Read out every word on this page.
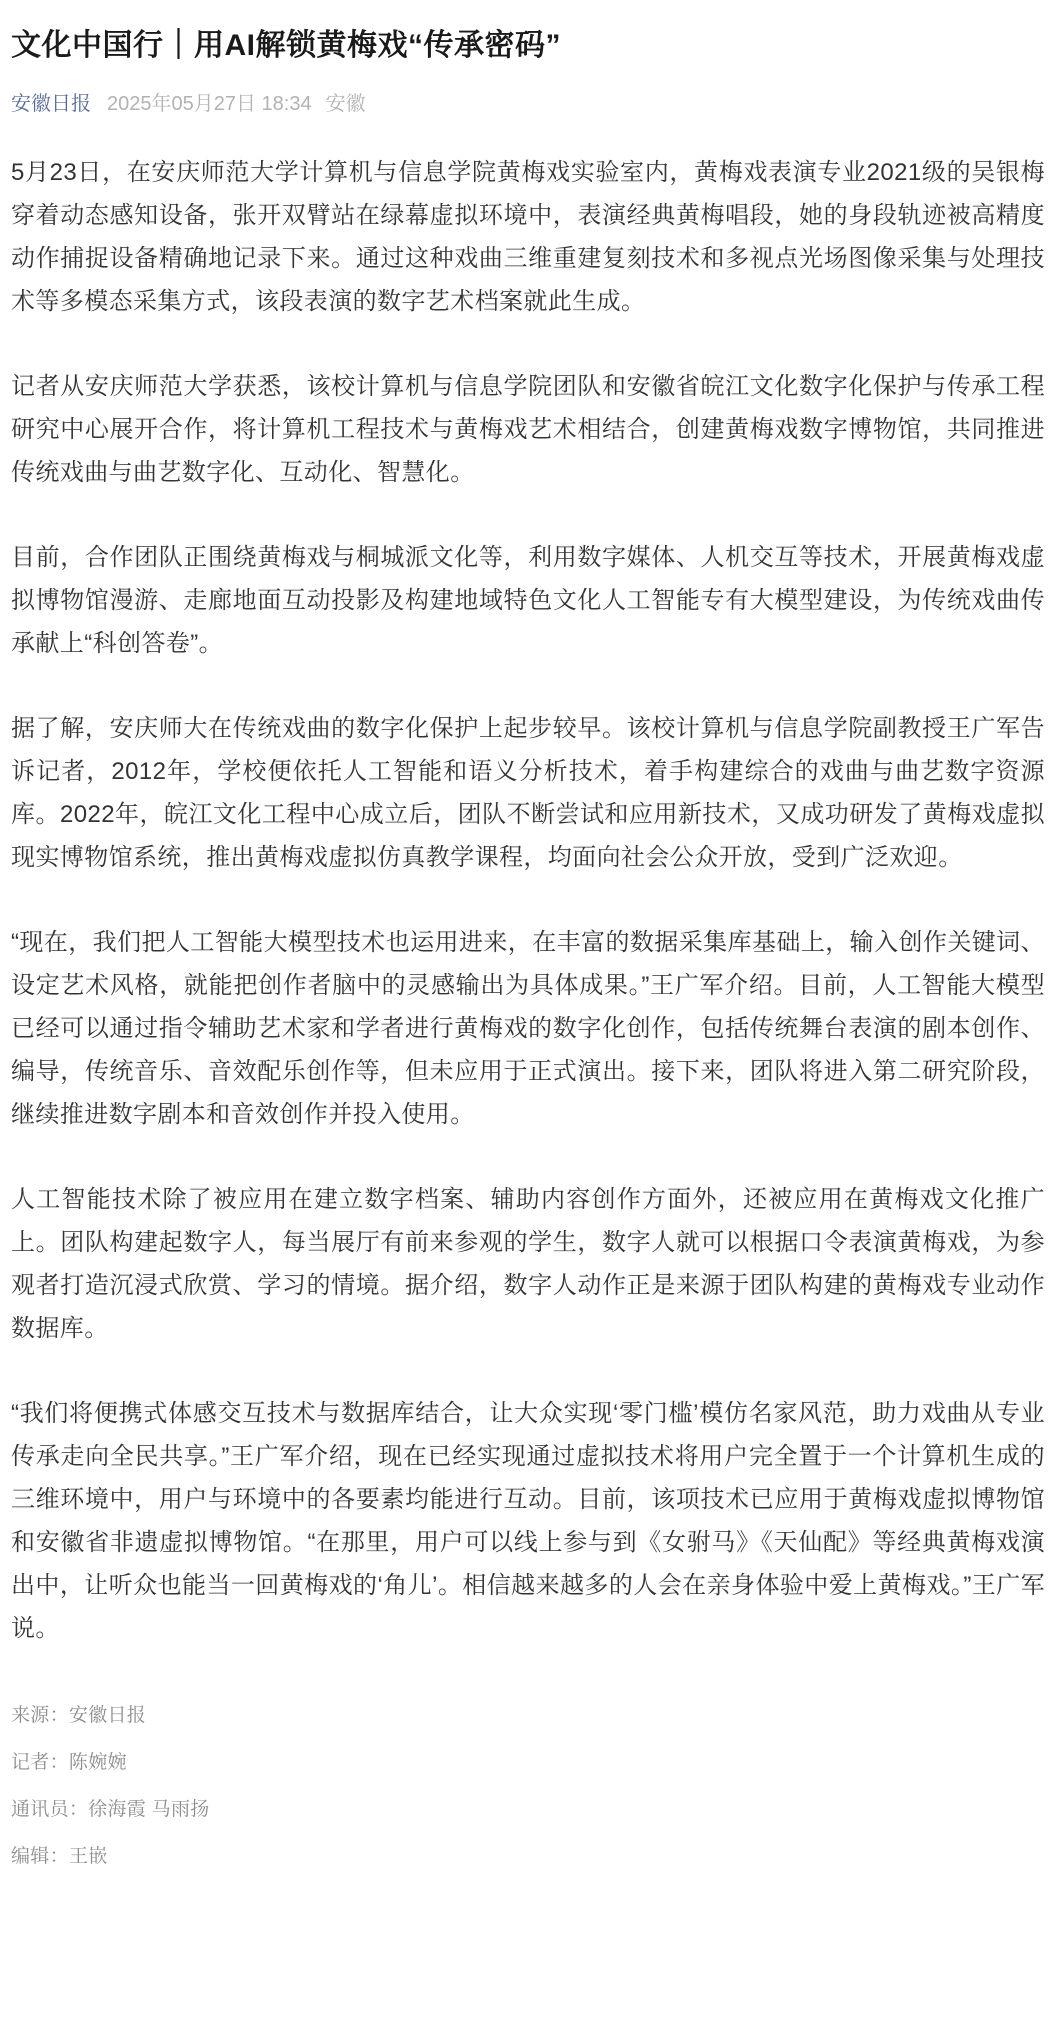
文化中国行｜用AI解锁黄梅戏“传承密码”
安徽日报 2025年05月27日 18:34 安徽

5月23日，在安庆师范大学计算机与信息学院黄梅戏实验室内，黄梅戏表演专业2021级的吴银梅穿着动态感知设备，张开双臂站在绿幕虚拟环境中，表演经典黄梅唱段，她的身段轨迹被高精度动作捕捉设备精确地记录下来。通过这种戏曲三维重建复刻技术和多视点光场图像采集与处理技术等多模态采集方式，该段表演的数字艺术档案就此生成。

记者从安庆师范大学获悉，该校计算机与信息学院团队和安徽省皖江文化数字化保护与传承工程研究中心展开合作，将计算机工程技术与黄梅戏艺术相结合，创建黄梅戏数字博物馆，共同推进传统戏曲与曲艺数字化、互动化、智慧化。

目前，合作团队正围绕黄梅戏与桐城派文化等，利用数字媒体、人机交互等技术，开展黄梅戏虚拟博物馆漫游、走廊地面互动投影及构建地域特色文化人工智能专有大模型建设，为传统戏曲传承献上“科创答卷”。

据了解，安庆师大在传统戏曲的数字化保护上起步较早。该校计算机与信息学院副教授王广军告诉记者，2012年，学校便依托人工智能和语义分析技术，着手构建综合的戏曲与曲艺数字资源库。2022年，皖江文化工程中心成立后，团队不断尝试和应用新技术，又成功研发了黄梅戏虚拟现实博物馆系统，推出黄梅戏虚拟仿真教学课程，均面向社会公众开放，受到广泛欢迎。

“现在，我们把人工智能大模型技术也运用进来，在丰富的数据采集库基础上，输入创作关键词、设定艺术风格，就能把创作者脑中的灵感输出为具体成果。”王广军介绍。目前，人工智能大模型已经可以通过指令辅助艺术家和学者进行黄梅戏的数字化创作，包括传统舞台表演的剧本创作、编导，传统音乐、音效配乐创作等，但未应用于正式演出。接下来，团队将进入第二研究阶段，继续推进数字剧本和音效创作并投入使用。

人工智能技术除了被应用在建立数字档案、辅助内容创作方面外，还被应用在黄梅戏文化推广上。团队构建起数字人，每当展厅有前来参观的学生，数字人就可以根据口令表演黄梅戏，为参观者打造沉浸式欣赏、学习的情境。据介绍，数字人动作正是来源于团队构建的黄梅戏专业动作数据库。

“我们将便携式体感交互技术与数据库结合，让大众实现‘零门槛’模仿名家风范，助力戏曲从专业传承走向全民共享。”王广军介绍，现在已经实现通过虚拟技术将用户完全置于一个计算机生成的三维环境中，用户与环境中的各要素均能进行互动。目前，该项技术已应用于黄梅戏虚拟博物馆和安徽省非遗虚拟博物馆。“在那里，用户可以线上参与到《女驸马》《天仙配》等经典黄梅戏演出中，让听众也能当一回黄梅戏的‘角儿’。相信越来越多的人会在亲身体验中爱上黄梅戏。”王广军说。

来源：安徽日报
记者：陈婉婉
通讯员：徐海霞 马雨扬
编辑：王嵌
